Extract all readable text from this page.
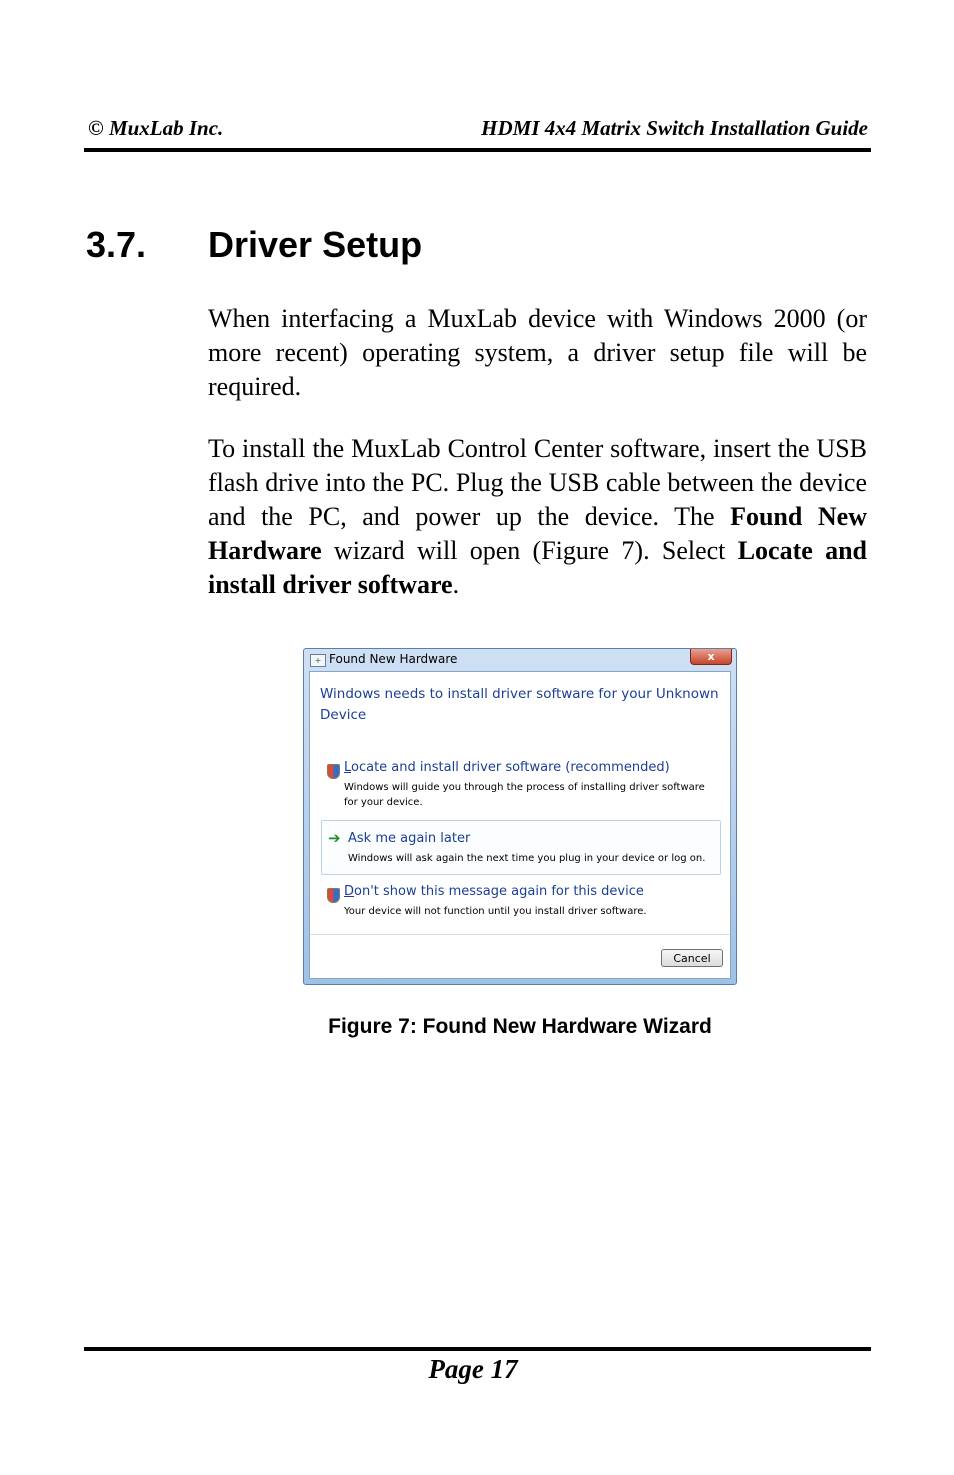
© MuxLab Inc.	HDMI 4x4 Matrix Switch Installation Guide
3.7. Driver Setup

When interfacing a MuxLab device with Windows 2000 (or more recent) operating system, a driver setup file will be required.

To install the MuxLab Control Center software, insert the USB flash drive into the PC. Plug the USB cable between the device and the PC, and power up the device. The Found New Hardware wizard will open (Figure 7). Select Locate and install driver software.

+ Found New Hardware	x
Windows needs to install driver software for your Unknown Device
Locate and install driver software (recommended)
Windows will guide you through the process of installing driver software for your device.
➔ Ask me again later
Windows will ask again the next time you plug in your device or log on.
Don't show this message again for this device
Your device will not function until you install driver software.
Cancel
Figure 7: Found New Hardware Wizard
Page 17
